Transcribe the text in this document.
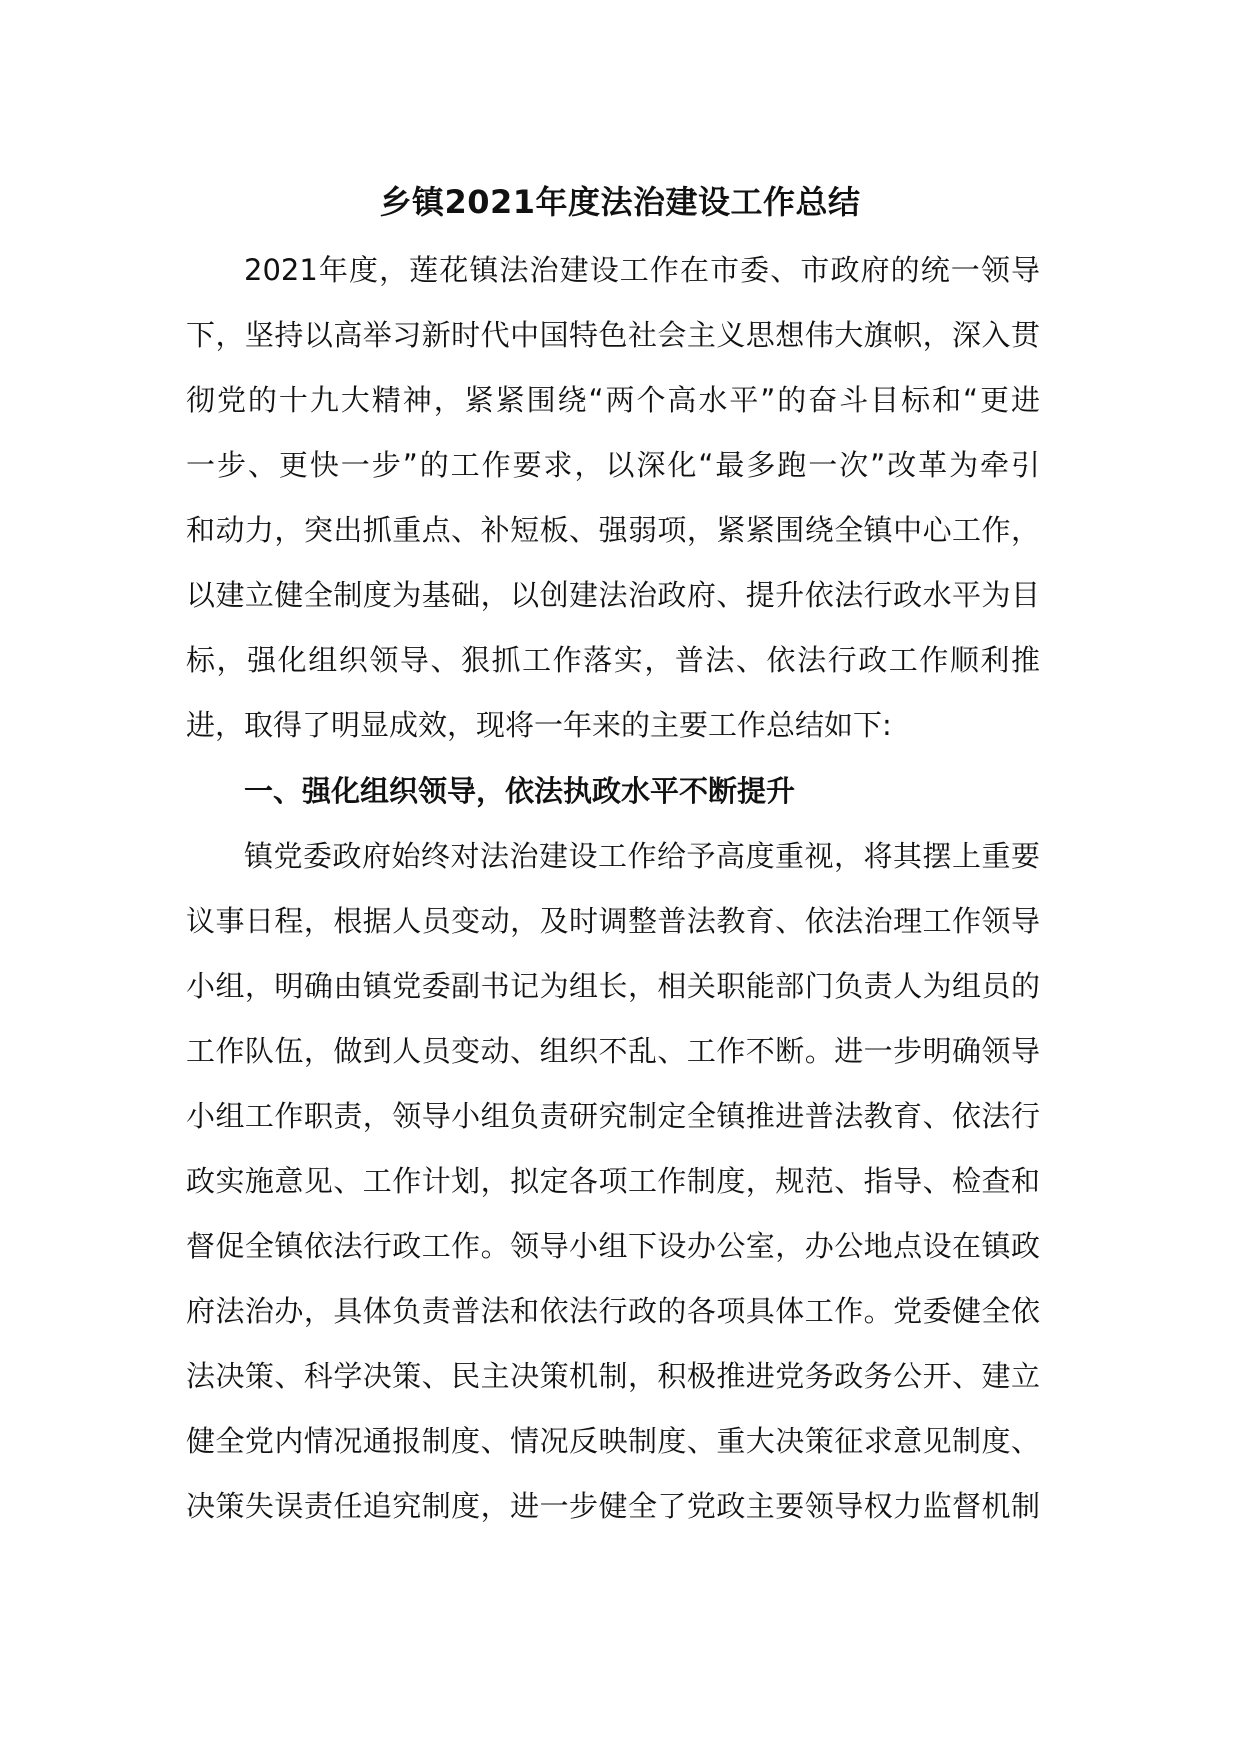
乡镇2021年度法治建设工作总结
2021年度，莲花镇法治建设工作在市委、市政府的统一领导
下，坚持以高举习新时代中国特色社会主义思想伟大旗帜，深入贯
彻党的十九大精神，紧紧围绕“两个高水平”的奋斗目标和“更进
一步、更快一步”的工作要求，以深化“最多跑一次”改革为牵引
和动力，突出抓重点、补短板、强弱项，紧紧围绕全镇中心工作，
以建立健全制度为基础，以创建法治政府、提升依法行政水平为目
标，强化组织领导、狠抓工作落实，普法、依法行政工作顺利推
进，取得了明显成效，现将一年来的主要工作总结如下:
一、强化组织领导，依法执政水平不断提升
镇党委政府始终对法治建设工作给予高度重视，将其摆上重要
议事日程，根据人员变动，及时调整普法教育、依法治理工作领导
小组，明确由镇党委副书记为组长，相关职能部门负责人为组员的
工作队伍，做到人员变动、组织不乱、工作不断。进一步明确领导
小组工作职责，领导小组负责研究制定全镇推进普法教育、依法行
政实施意见、工作计划，拟定各项工作制度，规范、指导、检查和
督促全镇依法行政工作。领导小组下设办公室，办公地点设在镇政
府法治办，具体负责普法和依法行政的各项具体工作。党委健全依
法决策、科学决策、民主决策机制，积极推进党务政务公开、建立
健全党内情况通报制度、情况反映制度、重大决策征求意见制度、
决策失误责任追究制度，进一步健全了党政主要领导权力监督机制
